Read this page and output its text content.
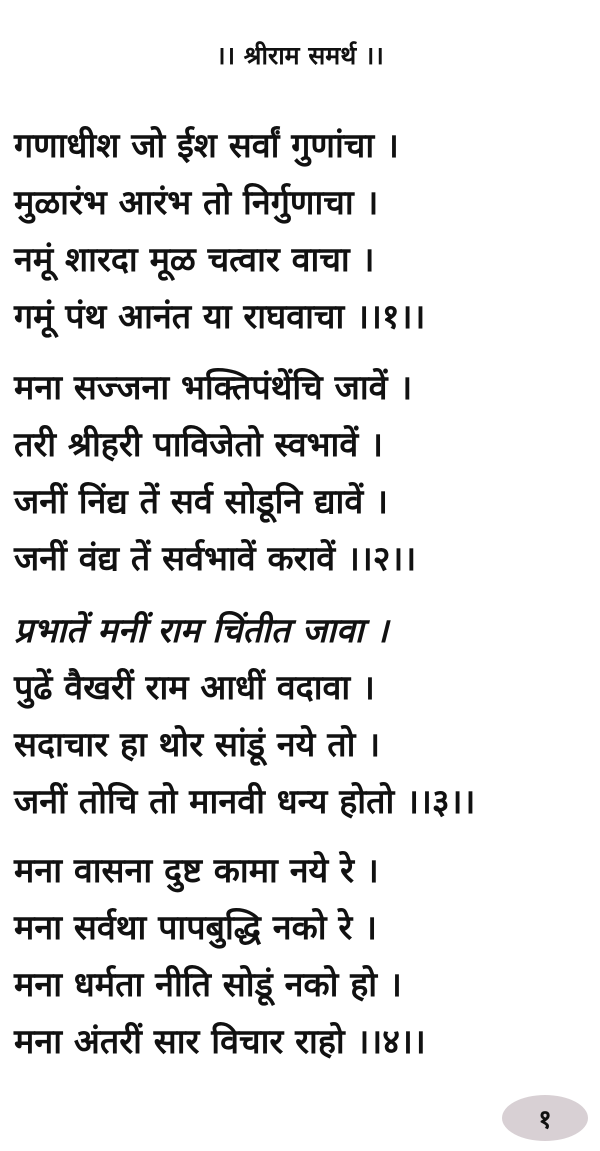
।। श्रीराम समर्थ ।।
गणाधीश जो ईश सर्वां गुणांचा ।
मुळारंभ आरंभ तो निर्गुणाचा ।
नमूं शारदा मूळ चत्वार वाचा ।
गमूं पंथ आनंत या राघवाचा ।।१।।
मना सज्जना भक्तिपंथेंचि जावें ।
तरी श्रीहरी पाविजेतो स्वभावें ।
जनीं निंद्य तें सर्व सोडूनि द्यावें ।
जनीं वंद्य तें सर्वभावें करावें ।।२।।
प्रभातें मनीं राम चिंतीत जावा ।
पुढें वैखरीं राम आधीं वदावा ।
सदाचार हा थोर सांडूं नये तो ।
जनीं तोचि तो मानवी धन्य होतो ।।३।।
मना वासना दुष्ट कामा नये रे ।
मना सर्वथा पापबुद्धि नको रे ।
मना धर्मता नीति सोडूं नको हो ।
मना अंतरीं सार विचार राहो ।।४।।
१
